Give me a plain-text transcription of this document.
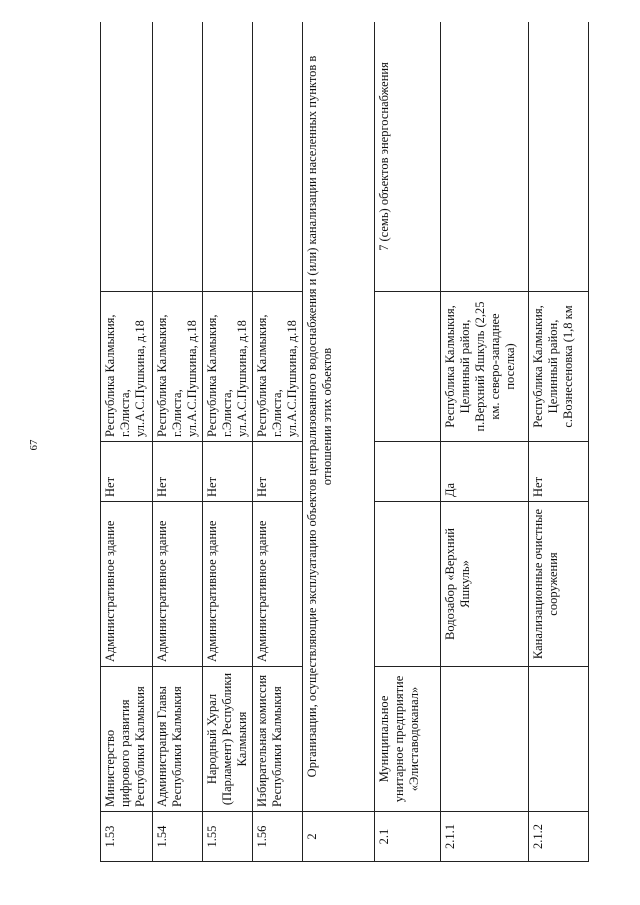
67
1.53	Министерство цифрового развития Республики Калмыкия	Административное здание	Нет	Республика Калмыкия, г.Элиста, ул.А.С.Пушкина, д.18	
1.54	Администрация Главы Республики Калмыкия	Административное здание	Нет	Республика Калмыкия, г.Элиста, ул.А.С.Пушкина, д.18	
1.55	Народный Хурал (Парламент) Республики Калмыкия	Административное здание	Нет	Республика Калмыкия, г.Элиста, ул.А.С.Пушкина, д.18	
1.56	Избирательная комиссия Республики Калмыкия	Административное здание	Нет	Республика Калмыкия, г.Элиста, ул.А.С.Пушкина, д.18	
2	Организации, осуществляющие эксплуатацию объектов централизованного водоснабжения и (или) канализации населенных пунктов в отношении этих объектов				
2.1	Муниципальное унитарное предприятие «Элиставодоканал»				7 (семь) объектов энергоснабжения
2.1.1		Водозабор «Верхний Яшкуль»	Да	Республика Калмыкия, Целинный район, п.Верхний Яшкуль (2,25 км. северо-западнее поселка)	
2.1.2		Канализационные очистные сооружения	Нет	Республика Калмыкия, Целинный район, с.Вознесеновка (1,8 км	
